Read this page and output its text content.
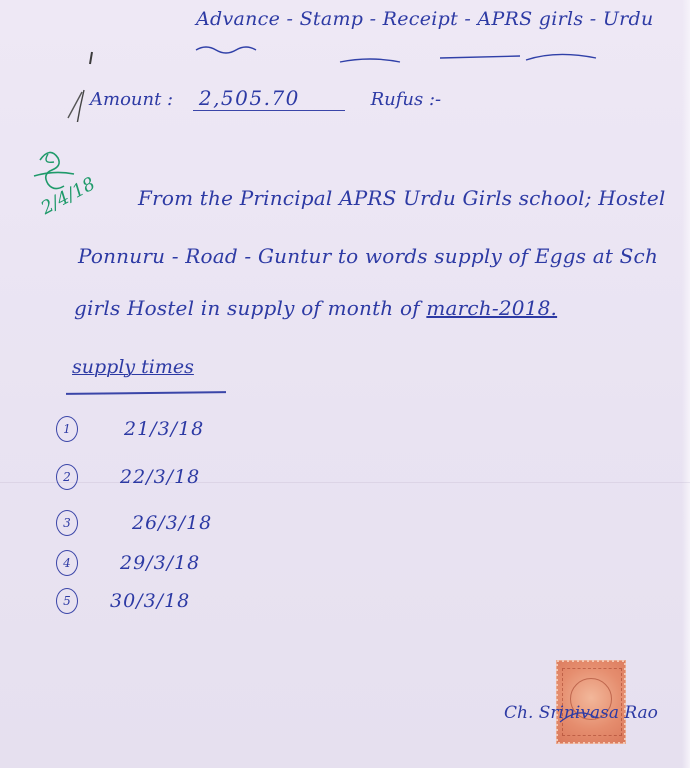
Advance - Stamp - Receipt - APRS girls - Urdu
Amount : 2,505.70	Rufus :-
2/4/18 From the Principal APRS Urdu Girls school; Hostel
Ponnuru - Road - Guntur to words supply of Eggs at Sch
girls Hostel in supply of month of march-2018.
supply times
1	21/3/18
2	22/3/18
3	26/3/18
4	29/3/18
5	30/3/18
Ch. Srinivasa Rao
